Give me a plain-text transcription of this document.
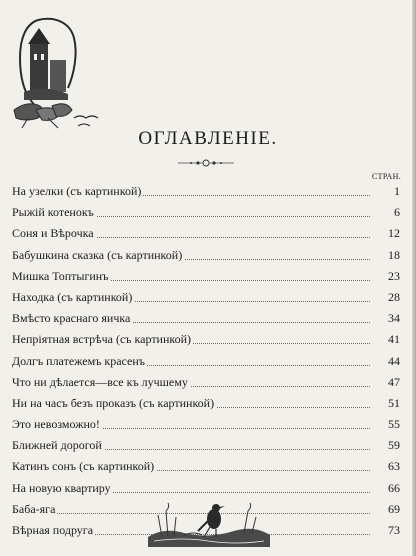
ОГЛАВЛЕНIЕ.
СТРАН.
На узелки (съ картинкой)	1
Рыжiй котенокъ	6
Соня и Вѣрочка	12
Бабушкина сказка (съ картинкой)	18
Мишка Топтыгинъ	23
Находка (съ картинкой)	28
Вмѣсто краснаго яичка	34
Непрiятная встрѣча (съ картинкой)	41
Долгъ платежемъ красенъ	44
Что ни дѣлается—все къ лучшему	47
Ни на часъ безъ проказъ (съ картинкой)	51
Это невозможно!	55
Ближней дорогой	59
Катинъ сонъ (съ картинкой)	63
На новую квартиру	66
Баба-яга	69
Вѣрная подруга	73
